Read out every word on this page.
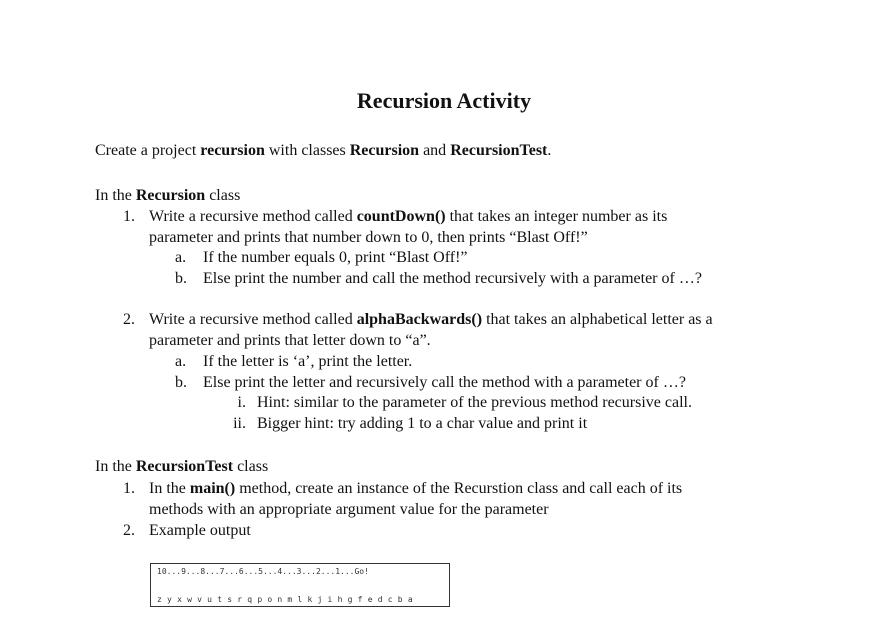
Recursion Activity
Create a project recursion with classes Recursion and RecursionTest.
In the Recursion class
1. Write a recursive method called countDown() that takes an integer number as its
parameter and prints that number down to 0, then prints “Blast Off!”
a. If the number equals 0, print “Blast Off!”
b. Else print the number and call the method recursively with a parameter of …?
2. Write a recursive method called alphaBackwards() that takes an alphabetical letter as a
parameter and prints that letter down to “a”.
a. If the letter is ‘a’, print the letter.
b. Else print the letter and recursively call the method with a parameter of …?
i. Hint: similar to the parameter of the previous method recursive call.
ii. Bigger hint: try adding 1 to a char value and print it
In the RecursionTest class
1. In the main() method, create an instance of the Recurstion class and call each of its
methods with an appropriate argument value for the parameter
2. Example output
10...9...8...7...6...5...4...3...2...1...Go!
z y x w v u t s r q p o n m l k j i h g f e d c b a
